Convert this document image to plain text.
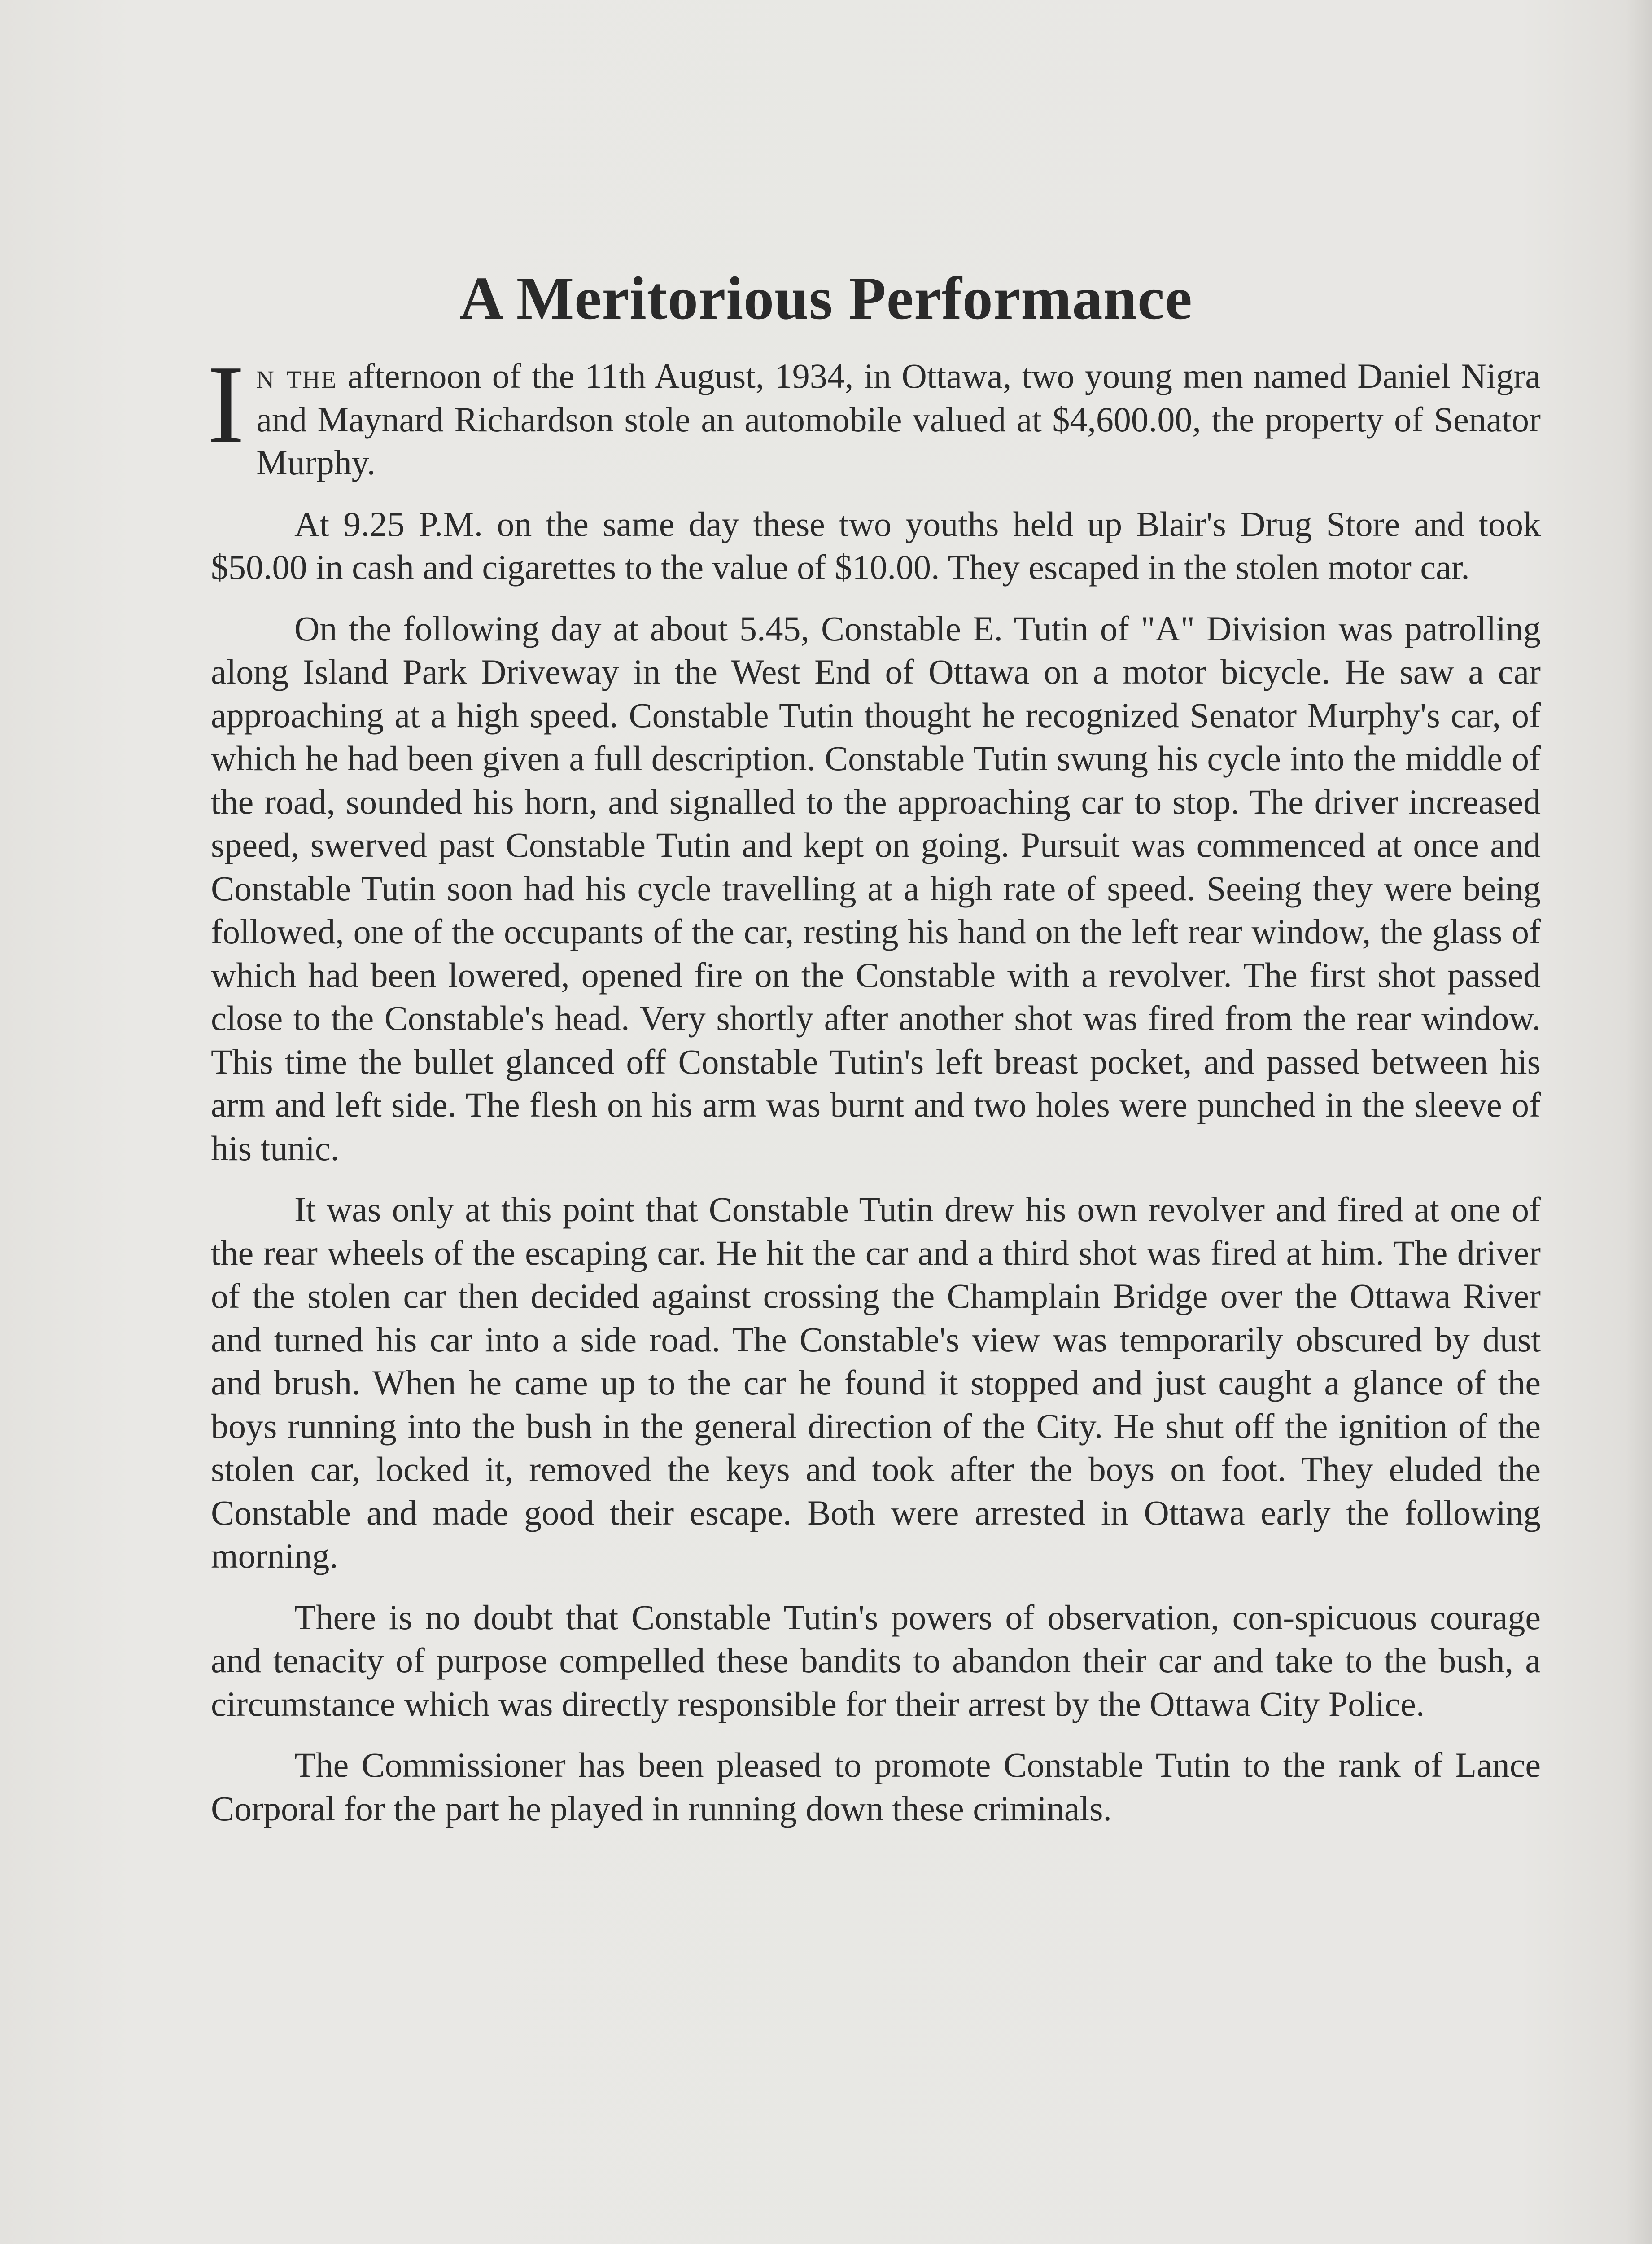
A Meritorious Performance

I n the afternoon of the 11th August, 1934, in Ottawa, two young men named Daniel Nigra and Maynard Richardson stole an automobile valued at $4,600.00, the property of Senator Murphy.

At 9.25 P.M. on the same day these two youths held up Blair's Drug Store and took $50.00 in cash and cigarettes to the value of $10.00. They escaped in the stolen motor car.

On the following day at about 5.45, Constable E. Tutin of "A" Division was patrolling along Island Park Driveway in the West End of Ottawa on a motor bicycle. He saw a car approaching at a high speed. Constable Tutin thought he recognized Senator Murphy's car, of which he had been given a full description. Constable Tutin swung his cycle into the middle of the road, sounded his horn, and signalled to the approaching car to stop. The driver increased speed, swerved past Constable Tutin and kept on going. Pursuit was commenced at once and Constable Tutin soon had his cycle travelling at a high rate of speed. Seeing they were being followed, one of the occupants of the car, resting his hand on the left rear window, the glass of which had been lowered, opened fire on the Constable with a revolver. The first shot passed close to the Constable's head. Very shortly after another shot was fired from the rear window. This time the bullet glanced off Constable Tutin's left breast pocket, and passed between his arm and left side. The flesh on his arm was burnt and two holes were punched in the sleeve of his tunic.

It was only at this point that Constable Tutin drew his own revolver and fired at one of the rear wheels of the escaping car. He hit the car and a third shot was fired at him. The driver of the stolen car then decided against crossing the Champlain Bridge over the Ottawa River and turned his car into a side road. The Constable's view was temporarily obscured by dust and brush. When he came up to the car he found it stopped and just caught a glance of the boys running into the bush in the general direction of the City. He shut off the ignition of the stolen car, locked it, removed the keys and took after the boys on foot. They eluded the Constable and made good their escape. Both were arrested in Ottawa early the following morning.

There is no doubt that Constable Tutin's powers of observation, con-spicuous courage and tenacity of purpose compelled these bandits to abandon their car and take to the bush, a circumstance which was directly responsible for their arrest by the Ottawa City Police.

The Commissioner has been pleased to promote Constable Tutin to the rank of Lance Corporal for the part he played in running down these criminals.
